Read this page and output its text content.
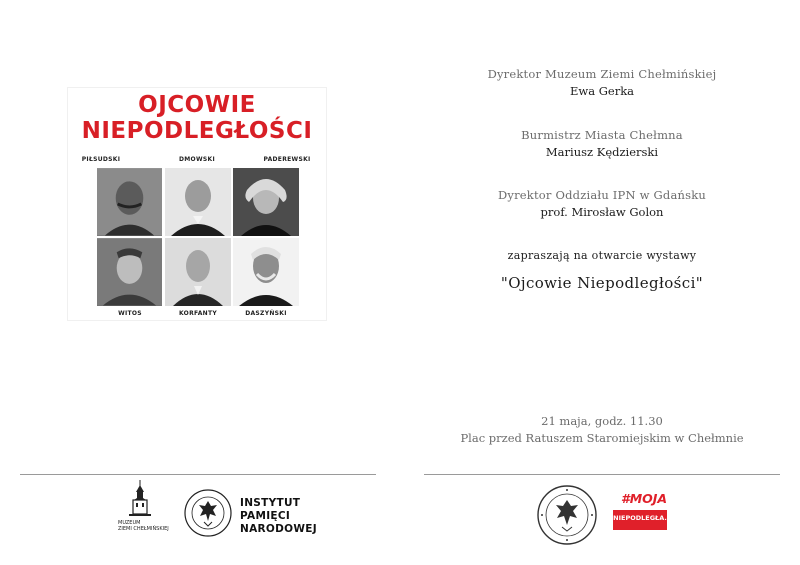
OJCOWIE
NIEPODLEGŁOŚCI
PIŁSUDSKI	DMOWSKI	PADEREWSKI
WITOS	KORFANTY	DASZYŃSKI
Dyrektor Muzeum Ziemi Chełmińskiej
Ewa Gerka
Burmistrz Miasta Chełmna
Mariusz Kędzierski
Dyrektor Oddziału IPN w Gdańsku
prof. Mirosław Golon
zapraszają na otwarcie wystawy
"Ojcowie Niepodległości"
21 maja, godz. 11.30
Plac przed Ratuszem Staromiejskim w Chełmnie
MUZEUM
ZIEMI CHEŁMIŃSKIEJ
INSTYTUT
PAMIĘCI
NARODOWEJ
#MOJA
NIEPODLEGŁA.
